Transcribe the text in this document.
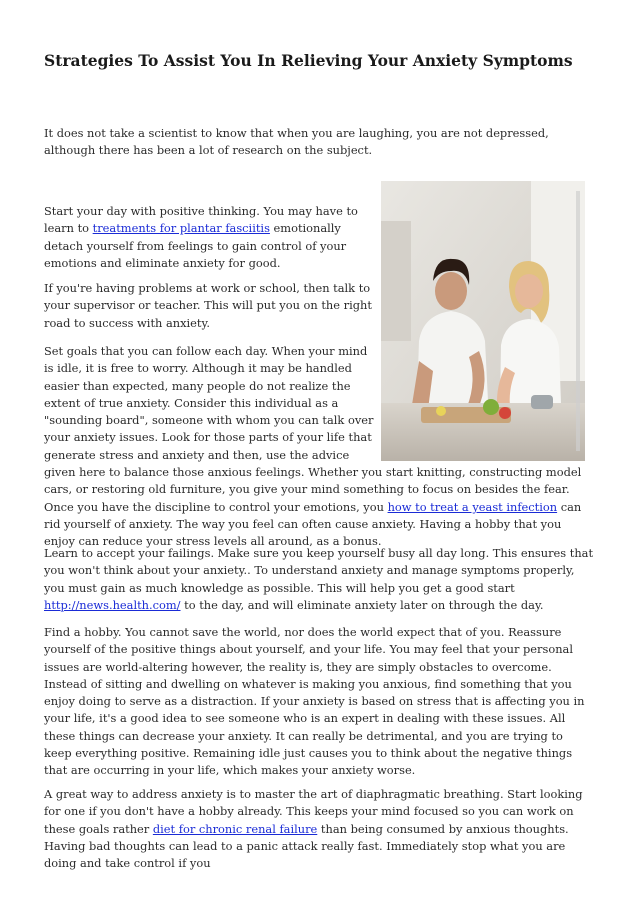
Strategies To Assist You In Relieving Your Anxiety Symptoms

It does not take a scientist to know that when you are laughing, you are not depressed, although there has been a lot of research on the subject.

Start your day with positive thinking. You may have to learn to treatments for plantar fasciitis emotionally detach yourself from feelings to gain control of your emotions and eliminate anxiety for good.

If you're having problems at work or school, then talk to your supervisor or teacher. This will put you on the right road to success with anxiety.

Set goals that you can follow each day. When your mind is idle, it is free to worry. Although it may be handled easier than expected, many people do not realize the extent of true anxiety. Consider this individual as a "sounding board", someone with whom you can talk over your anxiety issues. Look for those parts of your life that generate stress and anxiety and then, use the advice given here to balance those anxious feelings. Whether you start knitting, constructing model cars, or restoring old furniture, you give your mind something to focus on besides the fear. Once you have the discipline to control your emotions, you how to treat a yeast infection can rid yourself of anxiety. The way you feel can often cause anxiety. Having a hobby that you enjoy can reduce your stress levels all around, as a bonus.

Learn to accept your failings. Make sure you keep yourself busy all day long. This ensures that you won't think about your anxiety.. To understand anxiety and manage symptoms properly, you must gain as much knowledge as possible. This will help you get a good start http://news.health.com/ to the day, and will eliminate anxiety later on through the day.

Find a hobby. You cannot save the world, nor does the world expect that of you. Reassure yourself of the positive things about yourself, and your life. You may feel that your personal issues are world-altering however, the reality is, they are simply obstacles to overcome. Instead of sitting and dwelling on whatever is making you anxious, find something that you enjoy doing to serve as a distraction. If your anxiety is based on stress that is affecting you in your life, it's a good idea to see someone who is an expert in dealing with these issues. All these things can decrease your anxiety. It can really be detrimental, and you are trying to keep everything positive. Remaining idle just causes you to think about the negative things that are occurring in your life, which makes your anxiety worse.

A great way to address anxiety is to master the art of diaphragmatic breathing. Start looking for one if you don't have a hobby already. This keeps your mind focused so you can work on these goals rather diet for chronic renal failure than being consumed by anxious thoughts. Having bad thoughts can lead to a panic attack really fast. Immediately stop what you are doing and take control if you
